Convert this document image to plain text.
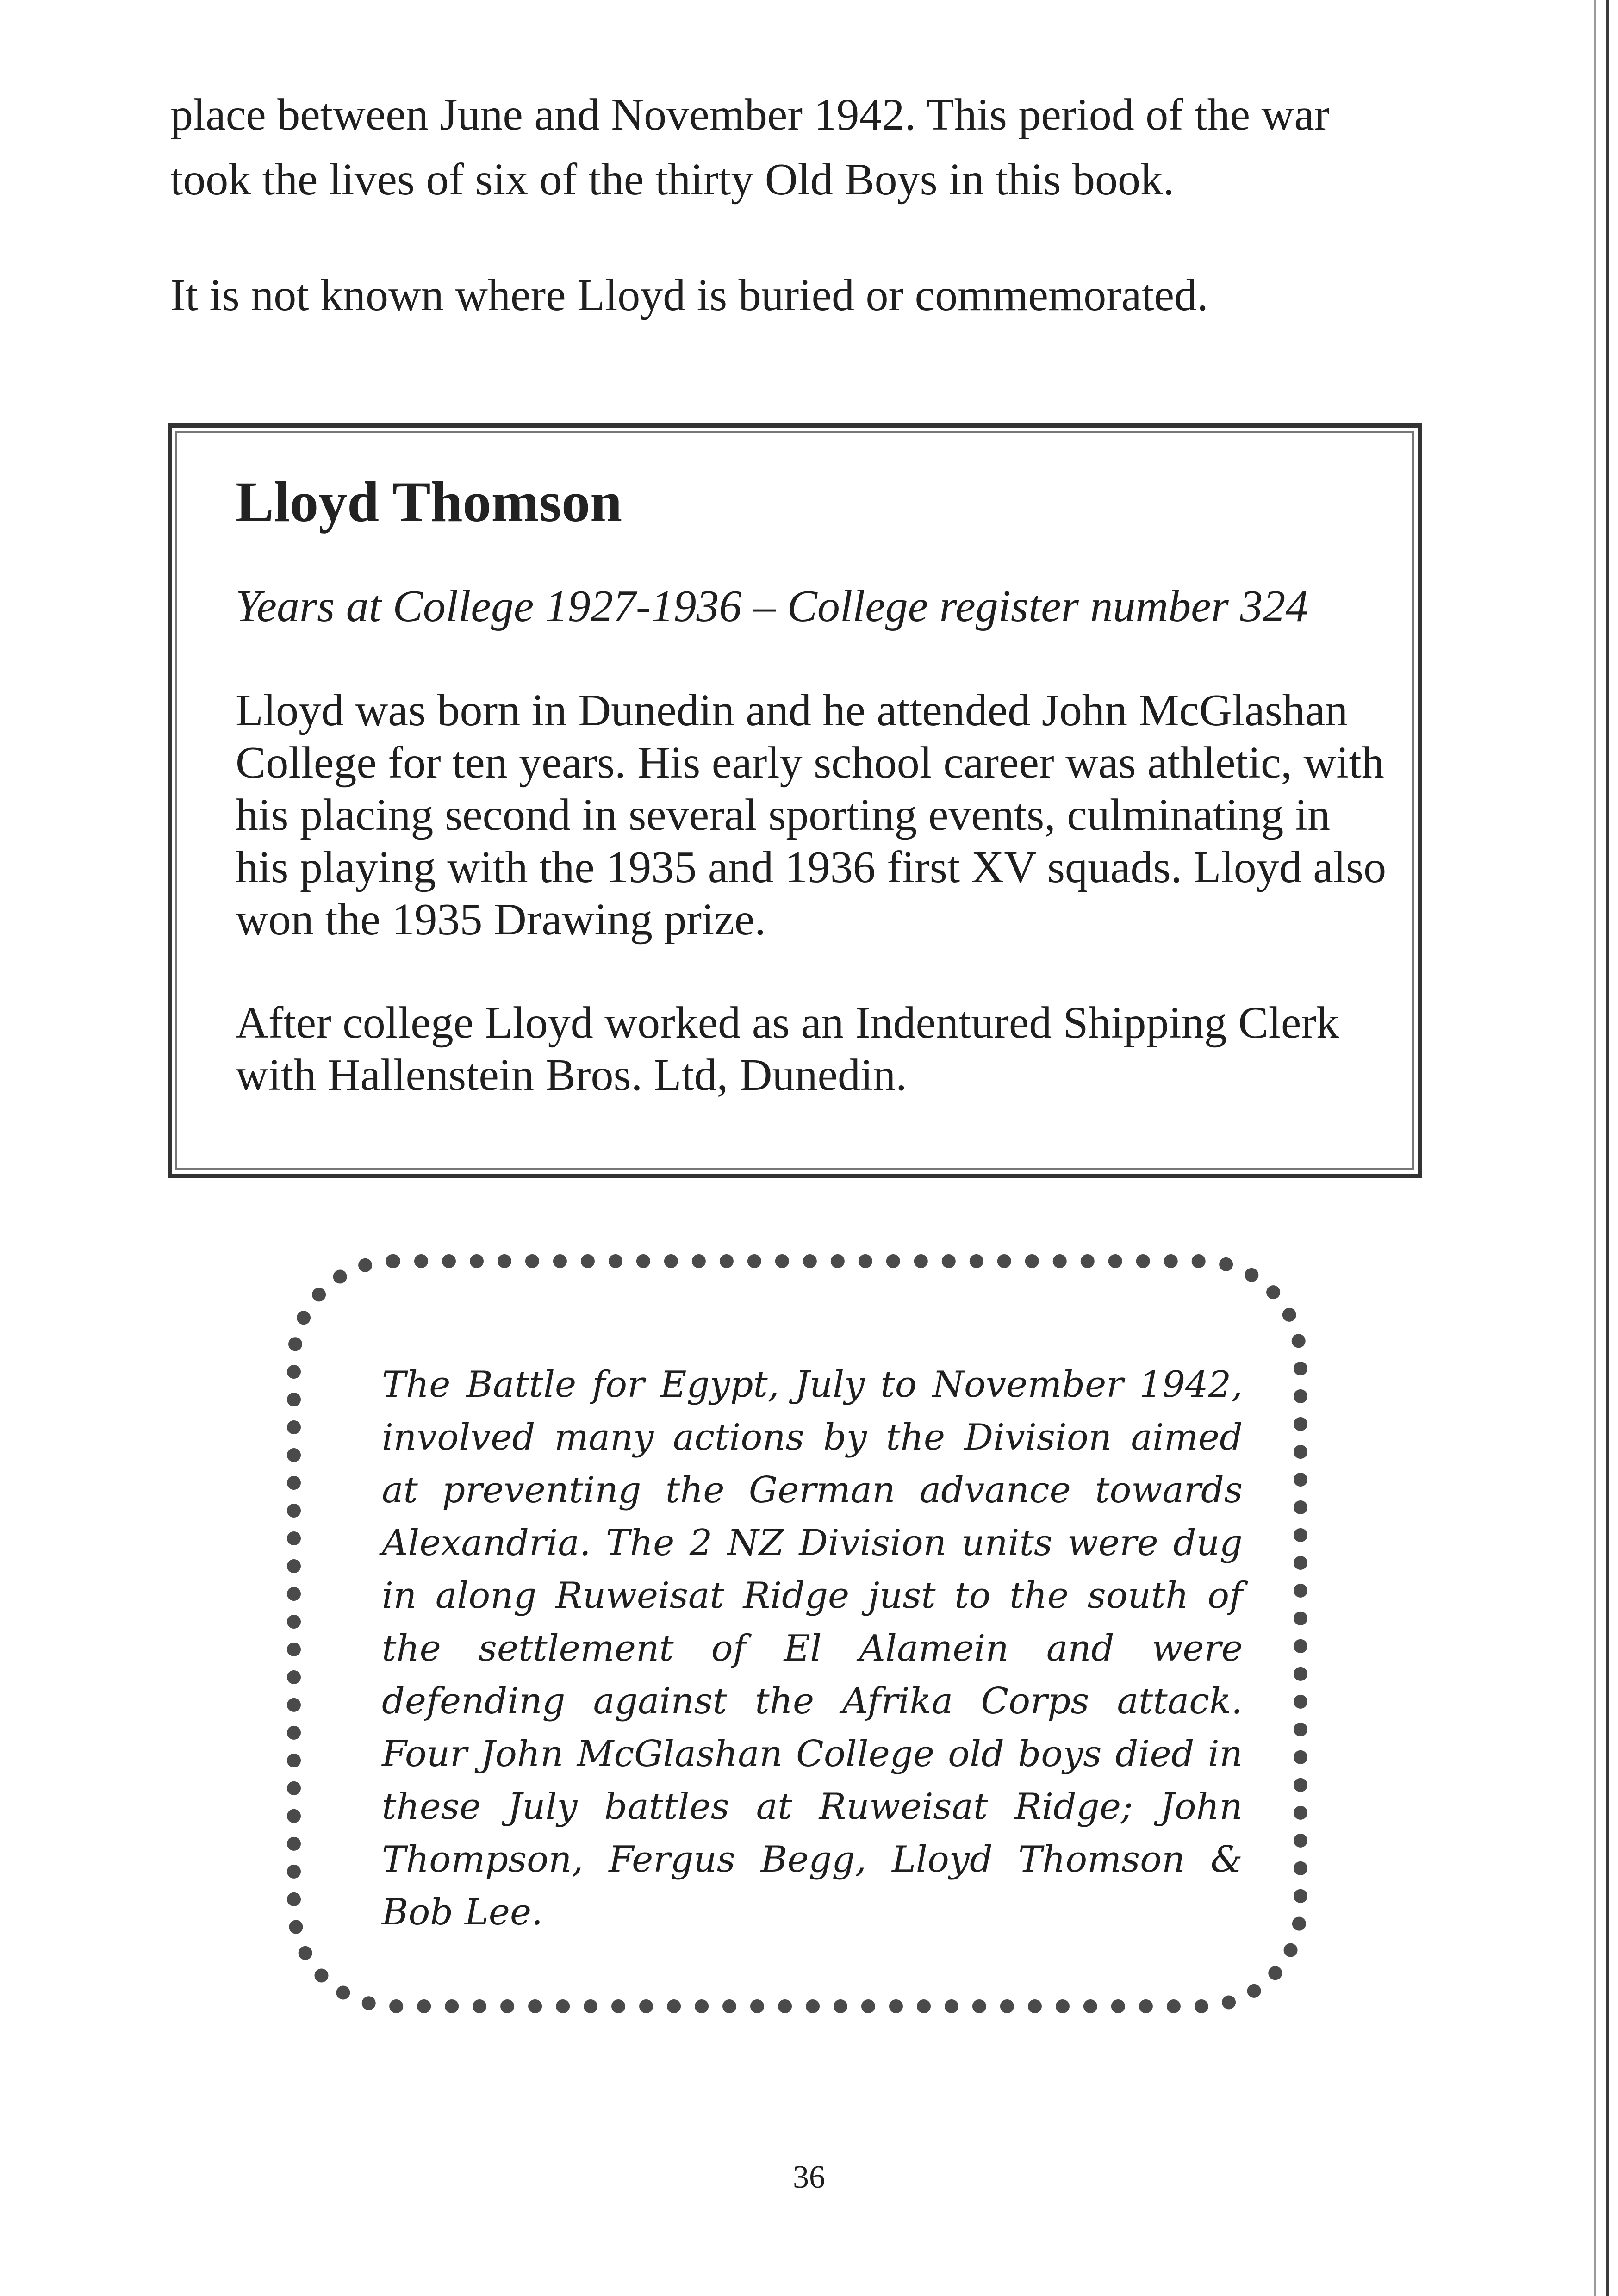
place between June and November 1942. This period of the war took the lives of six of the thirty Old Boys in this book.

It is not known where Lloyd is buried or commemorated.

Lloyd Thomson

Years at College 1927-1936 – College register number 324

Lloyd was born in Dunedin and he attended John McGlashan College for ten years. His early school career was athletic, with his placing second in several sporting events, culminating in his playing with the 1935 and 1936 first XV squads. Lloyd also won the 1935 Drawing prize.

After college Lloyd worked as an Indentured Shipping Clerk with Hallenstein Bros. Ltd, Dunedin.

The Battle for Egypt, July to November 1942, involved many actions by the Division aimed at preventing the German advance towards Alexandria. The 2 NZ Division units were dug in along Ruweisat Ridge just to the south of the settlement of El Alamein and were defending against the Afrika Corps attack. Four John McGlashan College old boys died in these July battles at Ruweisat Ridge; John Thompson, Fergus Begg, Lloyd Thomson & Bob Lee.

36
